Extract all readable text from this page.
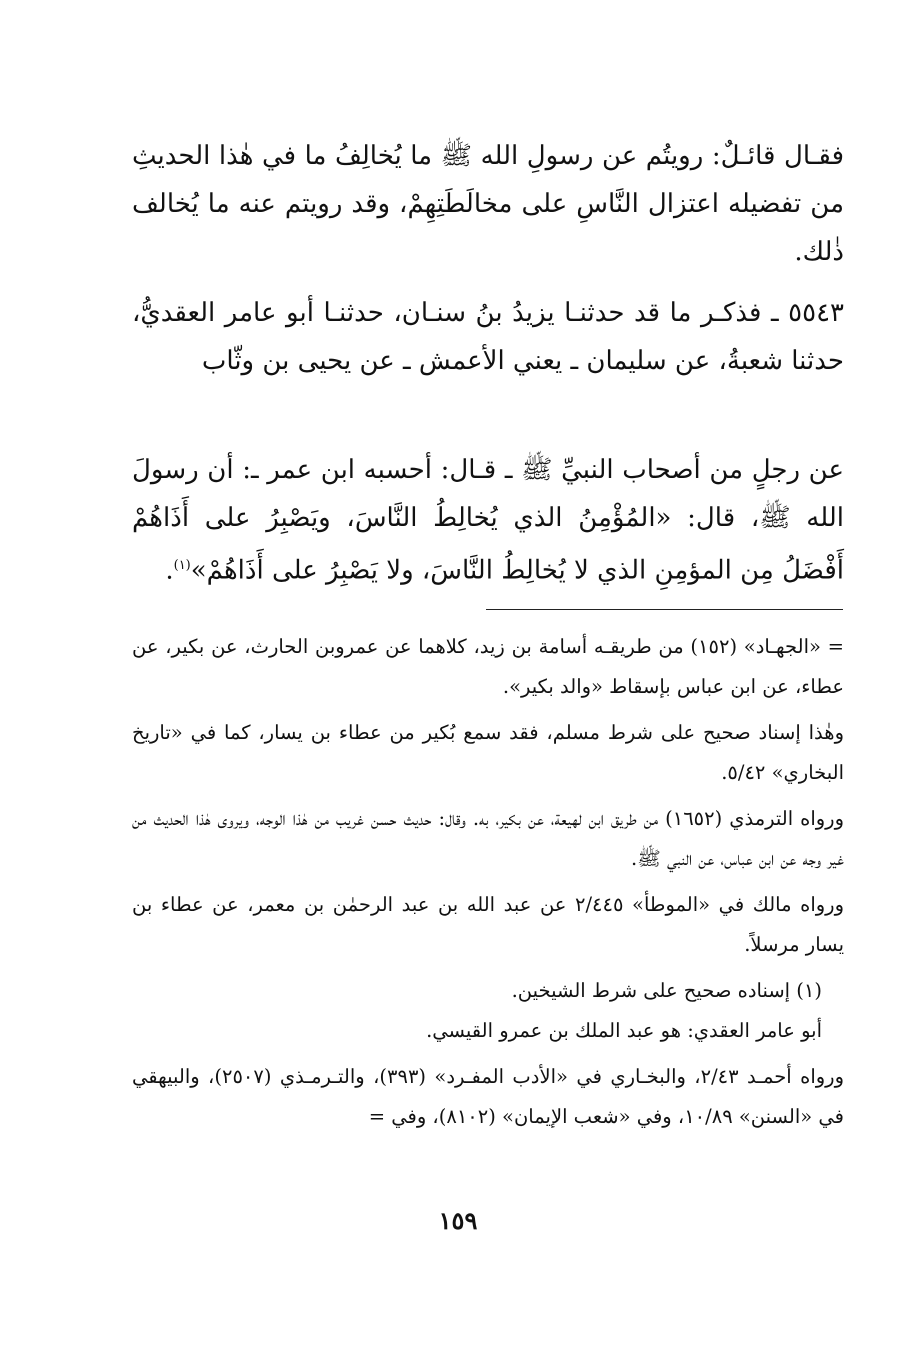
فقـال قائـلٌ: رويتُم عن رسولِ الله ﷺ ما يُخالِفُ ما في هٰذا الحديثِ من تفضيله اعتزال النَّاسِ على مخالَطَتِهِمْ، وقد رويتم عنه ما يُخالف ذٰلك.

٥٥٤٣ ـ فذكـر ما قد حدثنـا يزيدُ بنُ سنـان، حدثنـا أبو عامر العقديُّ، حدثنا شعبةُ، عن سليمان ـ يعني الأعمش ـ عن يحيى بن وثّاب

عن رجلٍ من أصحاب النبيِّ ﷺ ـ قـال: أحسبه ابن عمر ـ: أن رسولَ الله ﷺ، قال: «المُؤْمِنُ الذي يُخالِطُ النَّاسَ، ويَصْبِرُ على أَذَاهُمْ أَفْضَلُ مِن المؤمِنِ الذي لا يُخالِطُ النَّاسَ، ولا يَصْبِرُ على أَذَاهُمْ»$^{(١)}$.

= «الجهـاد» (١٥٢) من طريقـه أسامة بن زيد، كلاهما عن عمروبن الحارث، عن بكير، عن عطاء، عن ابن عباس بإسقاط «والد بكير».

وهٰذا إسناد صحيح على شرط مسلم، فقد سمع بُكير من عطاء بن يسار، كما في «تاريخ البخاري» ٥/٤٢.

ورواه الترمذي (١٦٥٢) من طريق ابن لهيعة، عن بكير، به. وقال: حديث حسن غريب من هٰذا الوجه، ويروى هٰذا الحديث من غير وجه عن ابن عباس، عن النبي ﷺ.

ورواه مالك في «الموطأ» ٢/٤٤٥ عن عبد الله بن عبد الرحمٰن بن معمر، عن عطاء بن يسار مرسلاً.

(١) إسناده صحيح على شرط الشيخين.

أبو عامر العقدي: هو عبد الملك بن عمرو القيسي.

ورواه أحمـد ٢/٤٣، والبخـاري في «الأدب المفـرد» (٣٩٣)، والتـرمـذي (٢٥٠٧)، والبيهقي في «السنن» ١٠/٨٩، وفي «شعب الإيمان» (٨١٠٢)، وفي =

١٥٩
